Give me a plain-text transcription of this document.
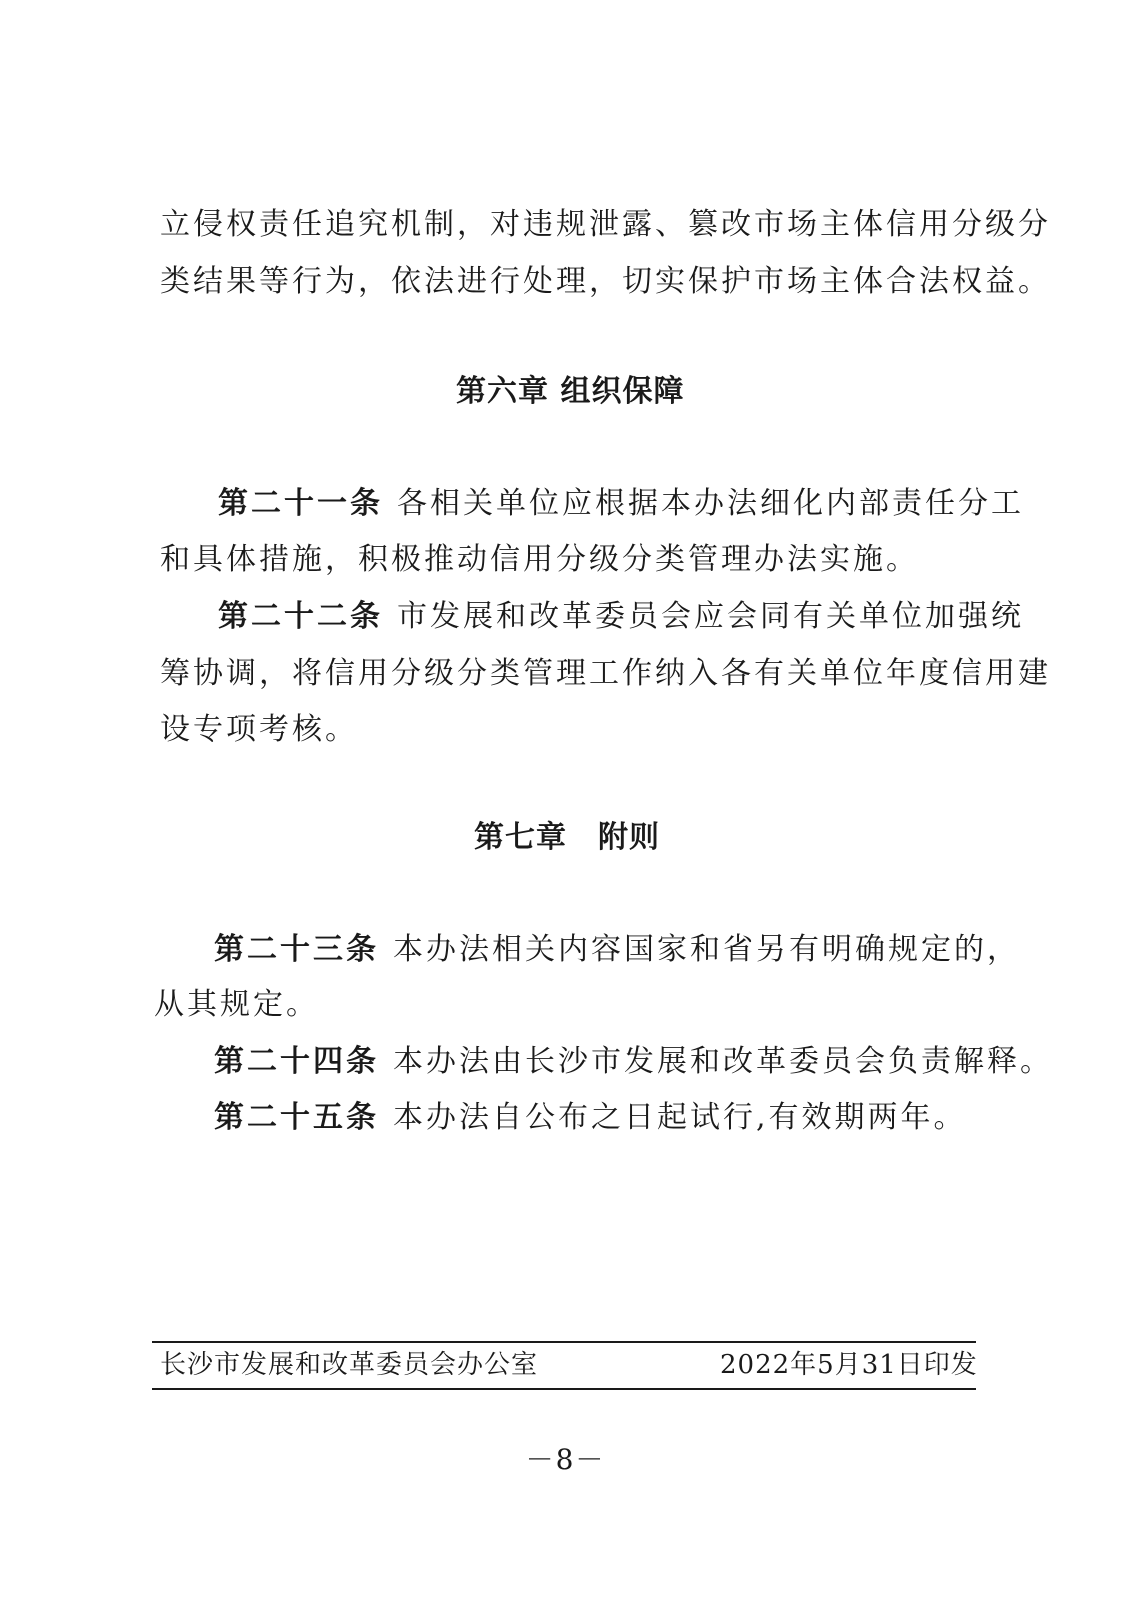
立侵权责任追究机制，对违规泄露、篡改市场主体信用分级分
类结果等行为，依法进行处理，切实保护市场主体合法权益。
第六章 组织保障
第二十一条 各相关单位应根据本办法细化内部责任分工
和具体措施，积极推动信用分级分类管理办法实施。
第二十二条 市发展和改革委员会应会同有关单位加强统
筹协调，将信用分级分类管理工作纳入各有关单位年度信用建
设专项考核。
第七章　附则
第二十三条 本办法相关内容国家和省另有明确规定的，
从其规定。
第二十四条 本办法由长沙市发展和改革委员会负责解释。
第二十五条 本办法自公布之日起试行,有效期两年。
长沙市发展和改革委员会办公室	2022年5月31日印发
－8－
